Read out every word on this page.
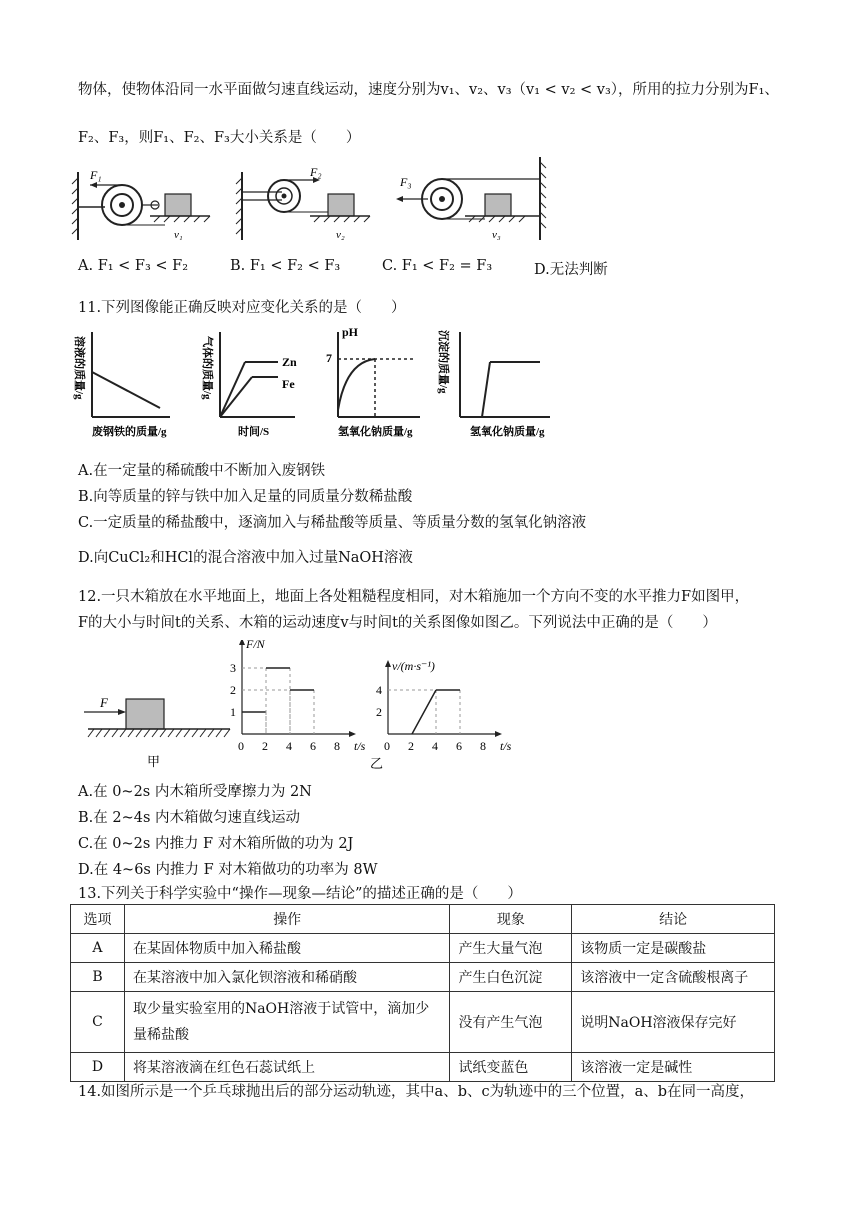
物体，使物体沿同一水平面做匀速直线运动，速度分别为v₁、v₂、v₃（v₁ < v₂ < v₃），所用的拉力分别为F₁、
F₂、F₃，则F₁、F₂、F₃大小关系是（　　）
F₁
v₁
F₂
v₂
F₃
v₃
A. F₁ < F₃ < F₂	B. F₁ < F₂ < F₃	C. F₁ < F₂ = F₃	D.无法判断
11.下列图像能正确反映对应变化关系的是（　　）
溶液的质量/g
废钢铁的质量/g
Zn
Fe
气体的质量/g
时间/S
7
pH
氢氧化钠质量/g
沉淀的质量/g
氢氧化钠质量/g
A.在一定量的稀硫酸中不断加入废钢铁
B.向等质量的锌与铁中加入足量的同质量分数稀盐酸
C.一定质量的稀盐酸中，逐滴加入与稀盐酸等质量、等质量分数的氢氧化钠溶液
D.向CuCl₂和HCl的混合溶液中加入过量NaOH溶液
12.一只木箱放在水平地面上，地面上各处粗糙程度相同，对木箱施加一个方向不变的水平推力F如图甲，
F的大小与时间t的关系、木箱的运动速度v与时间t的关系图像如图乙。下列说法中正确的是（　　）
F
甲
0 2 4 6 8
1
2
3
F/N
t/s 0 2 4 6 8
2
4
v/(m·s⁻¹)
t/s
乙
A.在 0~2s 内木箱所受摩擦力为 2N
B.在 2~4s 内木箱做匀速直线运动
C.在 0~2s 内推力 F 对木箱所做的功为 2J
D.在 4~6s 内推力 F 对木箱做功的功率为 8W
13.下列关于科学实验中“操作—现象—结论”的描述正确的是（　　）
选项	操作	现象	结论
A	在某固体物质中加入稀盐酸	产生大量气泡	该物质一定是碳酸盐
B	在某溶液中加入氯化钡溶液和稀硝酸	产生白色沉淀	该溶液中一定含硫酸根离子
C	取少量实验室用的NaOH溶液于试管中，滴加少量稀盐酸	没有产生气泡	说明NaOH溶液保存完好
D	将某溶液滴在红色石蕊试纸上	试纸变蓝色	该溶液一定是碱性
14.如图所示是一个乒乓球抛出后的部分运动轨迹，其中a、b、c为轨迹中的三个位置，a、b在同一高度，
